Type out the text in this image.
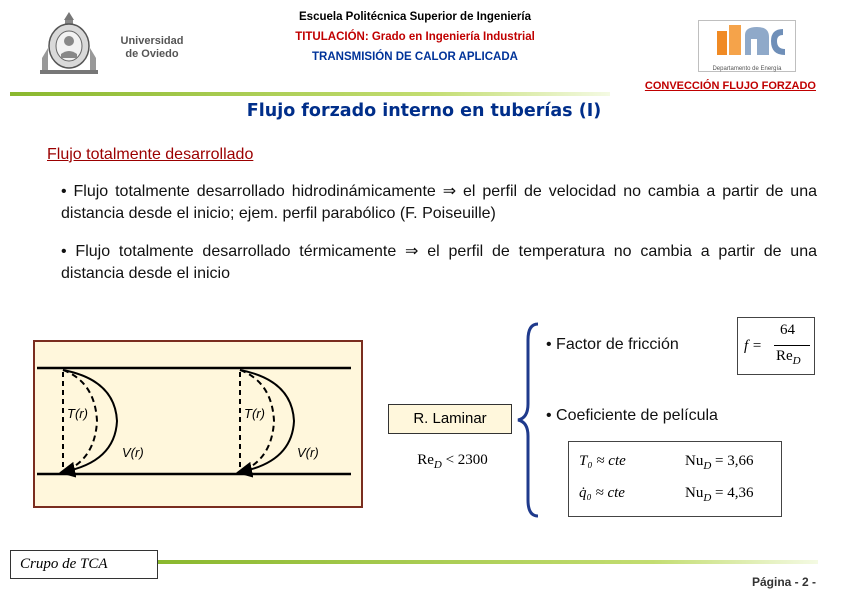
Universidad
de Oviedo
Escuela Politécnica Superior de Ingeniería
TITULACIÓN: Grado en Ingeniería Industrial
TRANSMISIÓN DE CALOR APLICADA
Departamento de Energía
CONVECCIÓN FLUJO FORZADO
Flujo forzado interno en tuberías (I)
Flujo totalmente desarrollado
• Flujo totalmente desarrollado hidrodinámicamente ⇒ el perfil de velocidad no cambia a partir de una distancia desde el inicio; ejem. perfil parabólico (F. Poiseuille)
• Flujo totalmente desarrollado térmicamente ⇒ el perfil de temperatura no cambia a partir de una distancia desde el inicio
T(r)
V(r)
T(r)
V(r)
R. Laminar
$Re_D < 2300$
• Factor de fricción	f =
64
$Re_D$
• Coeficiente de película
T₀ ≈ cte	$Nu_D = 3,66$
q̇₀ ≈ cte	$Nu_D = 4,36$
Crupo de TCA
Página - 2 -
